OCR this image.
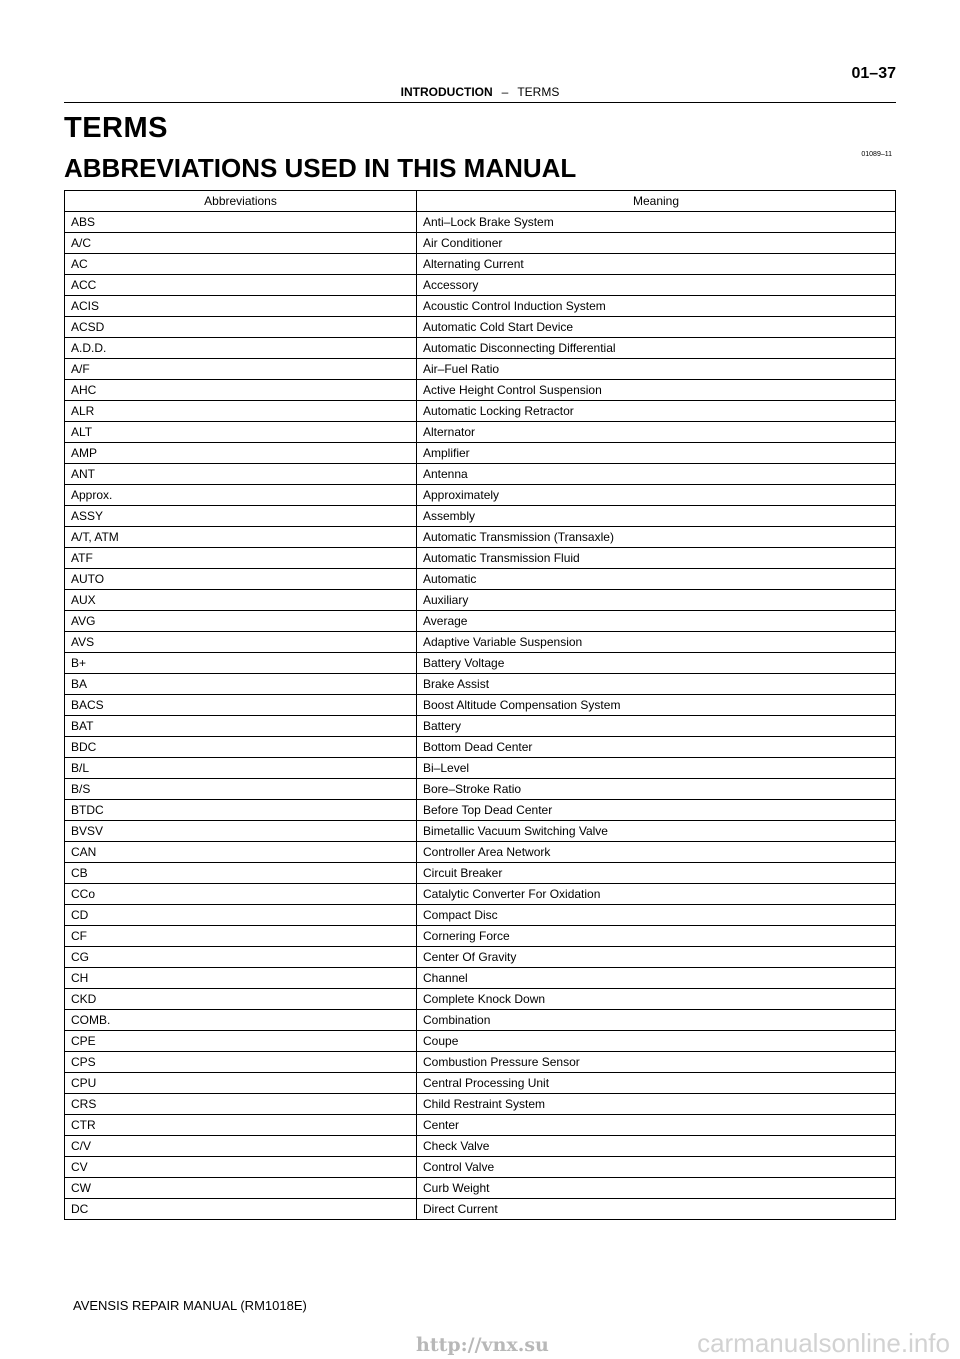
01–37
INTRODUCTION – TERMS
TERMS
ABBREVIATIONS USED IN THIS MANUAL	01089–11
Abbreviations	Meaning
ABS	Anti–Lock Brake System
A/C	Air Conditioner
AC	Alternating Current
ACC	Accessory
ACIS	Acoustic Control Induction System
ACSD	Automatic Cold Start Device
A.D.D.	Automatic Disconnecting Differential
A/F	Air–Fuel Ratio
AHC	Active Height Control Suspension
ALR	Automatic Locking Retractor
ALT	Alternator
AMP	Amplifier
ANT	Antenna
Approx.	Approximately
ASSY	Assembly
A/T, ATM	Automatic Transmission (Transaxle)
ATF	Automatic Transmission Fluid
AUTO	Automatic
AUX	Auxiliary
AVG	Average
AVS	Adaptive Variable Suspension
B+	Battery Voltage
BA	Brake Assist
BACS	Boost Altitude Compensation System
BAT	Battery
BDC	Bottom Dead Center
B/L	Bi–Level
B/S	Bore–Stroke Ratio
BTDC	Before Top Dead Center
BVSV	Bimetallic Vacuum Switching Valve
CAN	Controller Area Network
CB	Circuit Breaker
CCo	Catalytic Converter For Oxidation
CD	Compact Disc
CF	Cornering Force
CG	Center Of Gravity
CH	Channel
CKD	Complete Knock Down
COMB.	Combination
CPE	Coupe
CPS	Combustion Pressure Sensor
CPU	Central Processing Unit
CRS	Child Restraint System
CTR	Center
C/V	Check Valve
CV	Control Valve
CW	Curb Weight
DC	Direct Current
AVENSIS REPAIR MANUAL (RM1018E)
http://vnx.su	carmanualsonline.info
